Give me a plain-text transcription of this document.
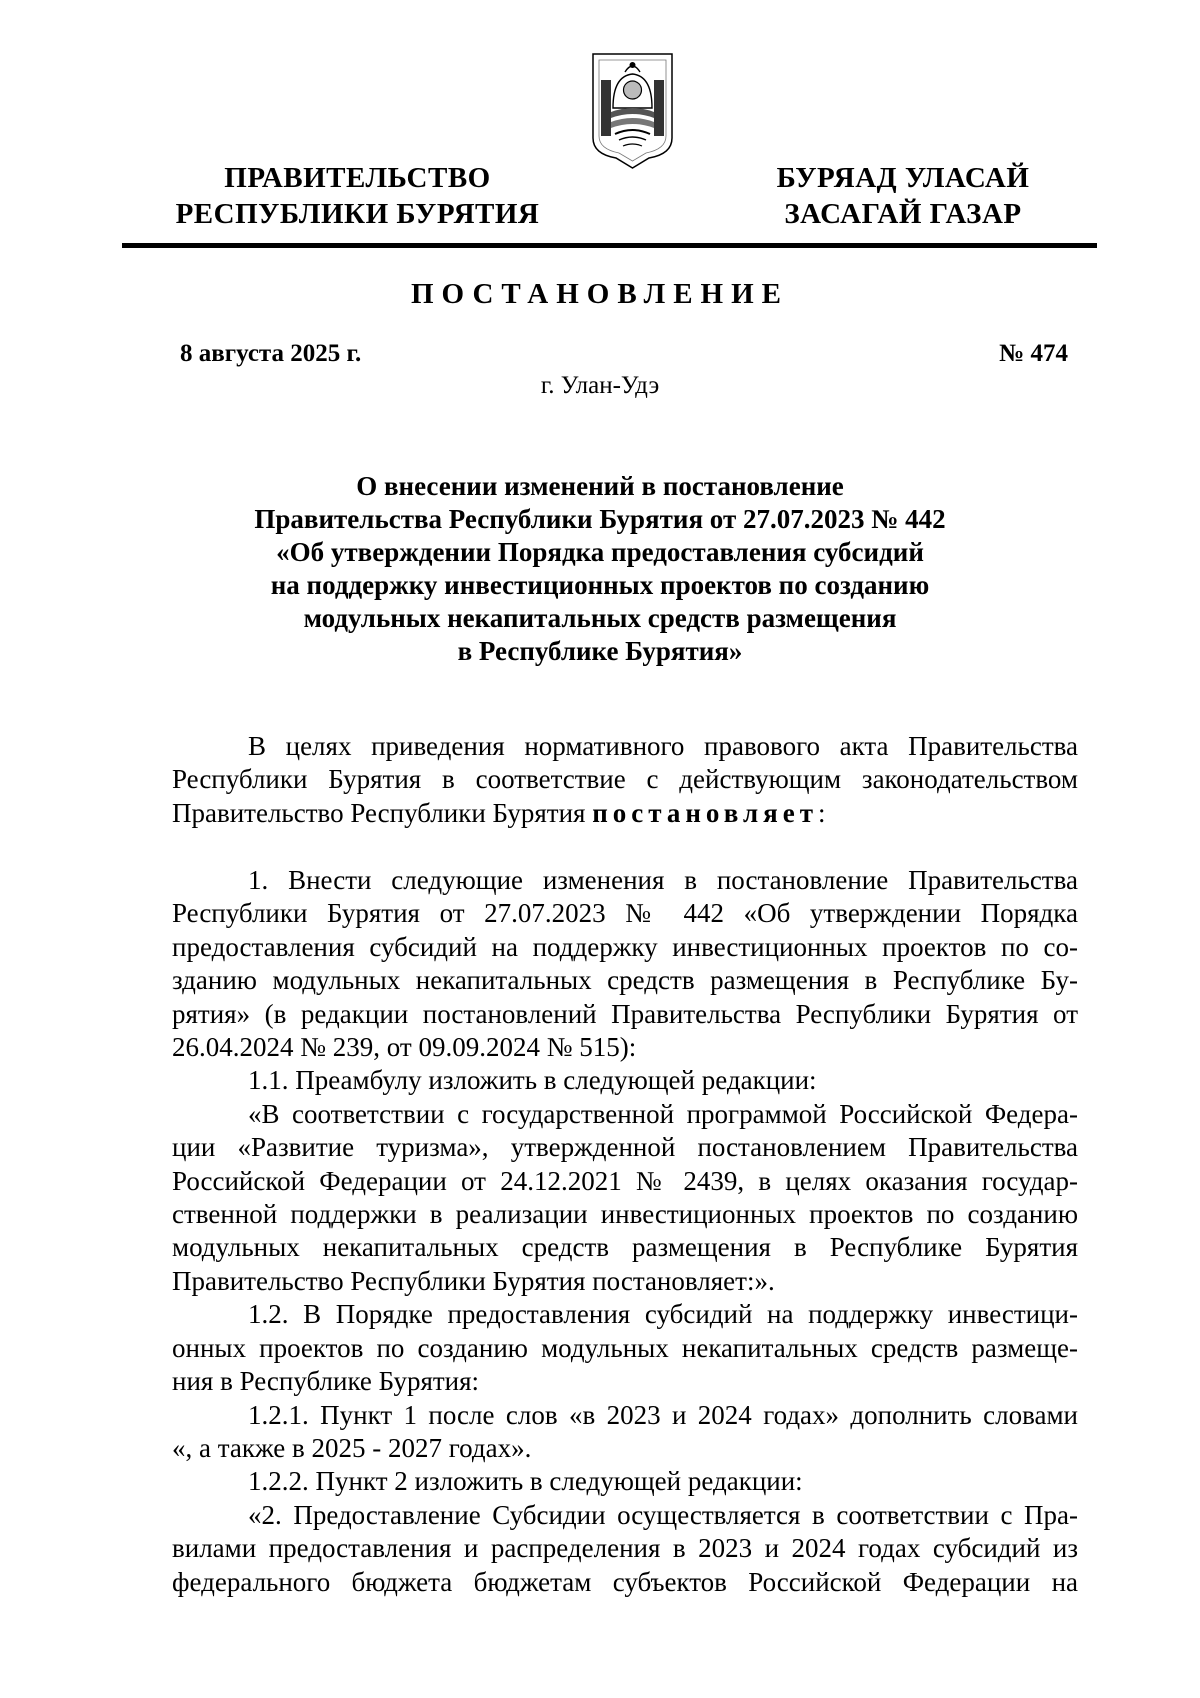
ПРАВИТЕЛЬСТВО
РЕСПУБЛИКИ БУРЯТИЯ
БУРЯАД УЛАСАЙ
ЗАСАГАЙ ГАЗАР
ПОСТАНОВЛЕНИЕ
8 августа 2025 г.	№ 474
г. Улан-Удэ
О внесении изменений в постановление
Правительства Республики Бурятия от 27.07.2023 № 442
«Об утверждении Порядка предоставления субсидий
на поддержку инвестиционных проектов по созданию
модульных некапитальных средств размещения
в Республике Бурятия»
В целях приведения нормативного правового акта Правительства
Республики Бурятия в соответствие с действующим законодательством
Правительство Республики Бурятия постановляет:
1. Внести следующие изменения в постановление Правительства
Республики Бурятия от 27.07.2023 № 442 «Об утверждении Порядка
предоставления субсидий на поддержку инвестиционных проектов по со-
зданию модульных некапитальных средств размещения в Республике Бу-
рятия» (в редакции постановлений Правительства Республики Бурятия от
26.04.2024 № 239, от 09.09.2024 № 515):
1.1. Преамбулу изложить в следующей редакции:
«В соответствии с государственной программой Российской Федера-
ции «Развитие туризма», утвержденной постановлением Правительства
Российской Федерации от 24.12.2021 № 2439, в целях оказания государ-
ственной поддержки в реализации инвестиционных проектов по созданию
модульных некапитальных средств размещения в Республике Бурятия
Правительство Республики Бурятия постановляет:».
1.2. В Порядке предоставления субсидий на поддержку инвестици-
онных проектов по созданию модульных некапитальных средств размеще-
ния в Республике Бурятия:
1.2.1. Пункт 1 после слов «в 2023 и 2024 годах» дополнить словами
«, а также в 2025 - 2027 годах».
1.2.2. Пункт 2 изложить в следующей редакции:
«2. Предоставление Субсидии осуществляется в соответствии с Пра-
вилами предоставления и распределения в 2023 и 2024 годах субсидий из
федерального бюджета бюджетам субъектов Российской Федерации на
